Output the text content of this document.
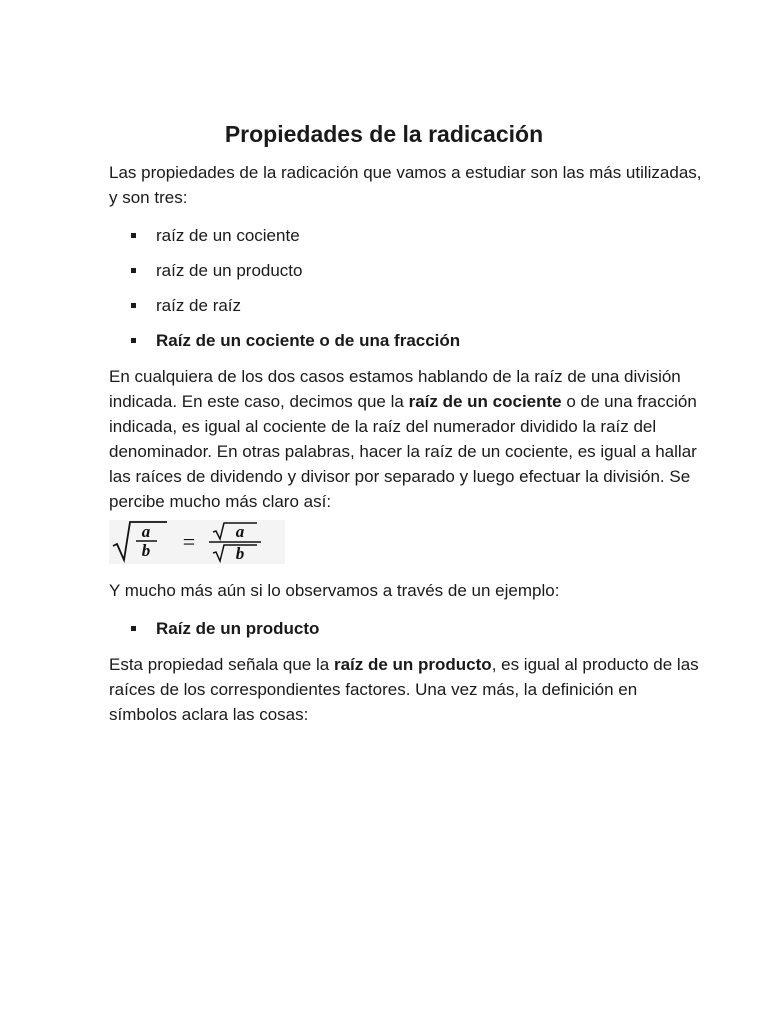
Propiedades de la radicación

Las propiedades de la radicación que vamos a estudiar son las más utilizadas, y son tres:

raíz de un cociente
raíz de un producto
raíz de raíz
Raíz de un cociente o de una fracción

En cualquiera de los dos casos estamos hablando de la raíz de una división indicada. En este caso, decimos que la raíz de un cociente o de una fracción indicada, es igual al cociente de la raíz del numerador dividido la raíz del denominador. En otras palabras, hacer la raíz de un cociente, es igual a hallar las raíces de dividendo y divisor por separado y luego efectuar la división. Se percibe mucho más claro así:

a
b = a
b

Y mucho más aún si lo observamos a través de un ejemplo:

Raíz de un producto

Esta propiedad señala que la raíz de un producto, es igual al producto de las raíces de los correspondientes factores. Una vez más, la definición en símbolos aclara las cosas:
